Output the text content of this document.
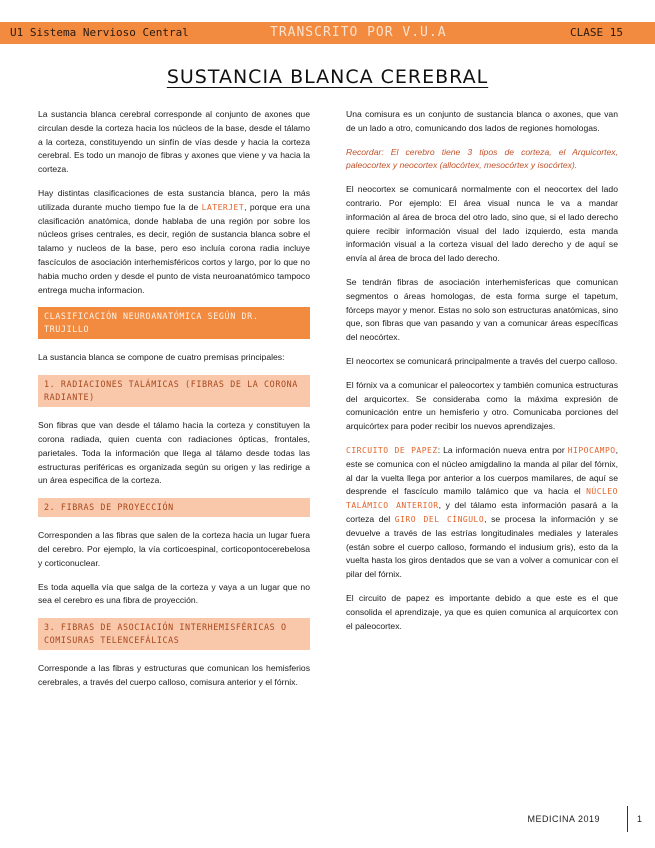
U1 Sistema Nervioso Central	TRANSCRITO POR V.U.A	CLASE 15
SUSTANCIA BLANCA CEREBRAL

La sustancia blanca cerebral corresponde al conjunto de axones que circulan desde la corteza hacia los núcleos de la base, desde el tálamo a la corteza, constituyendo un sinfín de vías desde y hacia la corteza cerebral. Es todo un manojo de fibras y axones que viene y va hacia la corteza.

Hay distintas clasificaciones de esta sustancia blanca, pero la más utilizada durante mucho tiempo fue la de LATERJET, porque era una clasificación anatómica, donde hablaba de una región por sobre los núcleos grises centrales, es decir, región de sustancia blanca sobre el talamo y nucleos de la base, pero eso incluía corona radia incluye fascículos de asociación interhemisféricos cortos y largo, por lo que no habia mucho orden y desde el punto de vista neuroanatómico tampoco entrega mucha informacion.

CLASIFICACIÓN NEUROANATÓMICA SEGÚN DR. TRUJILLO

La sustancia blanca se compone de cuatro premisas principales:

1. RADIACIONES TALÁMICAS (FIBRAS DE LA CORONA RADIANTE)

Son fibras que van desde el tálamo hacia la corteza y constituyen la corona radiada, quien cuenta con radiaciones ópticas, frontales, parietales. Toda la información que llega al tálamo desde todas las estructuras periféricas es organizada según su origen y las redirige a un área especifica de la corteza.

2. FIBRAS DE PROYECCIÓN

Corresponden a las fibras que salen de la corteza hacia un lugar fuera del cerebro. Por ejemplo, la vía corticoespinal, corticopontocerebelosa y corticonuclear.

Es toda aquella vía que salga de la corteza y vaya a un lugar que no sea el cerebro es una fibra de proyección.

3. FIBRAS DE ASOCIACIÓN INTERHEMISFÉRICAS O COMISURAS TELENCEFÁLICAS

Corresponde a las fibras y estructuras que comunican los hemisferios cerebrales, a través del cuerpo calloso, comisura anterior y el fórnix.

Una comisura es un conjunto de sustancia blanca o axones, que van de un lado a otro, comunicando dos lados de regiones homologas.

Recordar: El cerebro tiene 3 tipos de corteza, el Arquicortex, paleocortex y neocortex (allocórtex, mesocórtex y isocórtex).

El neocortex se comunicará normalmente con el neocortex del lado contrario. Por ejemplo: El área visual nunca le va a mandar información al área de broca del otro lado, sino que, si el lado derecho quiere recibir información visual del lado izquierdo, esta manda información visual a la corteza visual del lado derecho y de aquí se envía al área de broca del lado derecho.

Se tendrán fibras de asociación interhemisfericas que comunican segmentos o áreas homologas, de esta forma surge el tapetum, fórceps mayor y menor. Estas no solo son estructuras anatómicas, sino que, son fibras que van pasando y van a comunicar áreas específicas del neocórtex.

El neocortex se comunicará principalmente a través del cuerpo calloso.

El fórnix va a comunicar el paleocortex y también comunica estructuras del arquicortex. Se consideraba como la máxima expresión de comunicación entre un hemisferio y otro. Comunicaba porciones del arquicórtex para poder recibir los nuevos aprendizajes.

CIRCUITO DE PAPEZ: La información nueva entra por HIPOCAMPO, este se comunica con el núcleo amigdalino la manda al pilar del fórnix, al dar la vuelta llega por anterior a los cuerpos mamilares, de aquí se desprende el fascículo mamilo talámico que va hacia el NÚCLEO TALÁMICO ANTERIOR, y del tálamo esta información pasará a la corteza del GIRO DEL CÍNGULO, se procesa la información y se devuelve a través de las estrías longitudinales mediales y laterales (están sobre el cuerpo calloso, formando el indusium gris), esto da la vuelta hasta los giros dentados que se van a volver a comunicar con el pilar del fórnix.

El circuito de papez es importante debido a que este es el que consolida el aprendizaje, ya que es quien comunica al arquicortex con el paleocortex.

MEDICINA 2019	1
